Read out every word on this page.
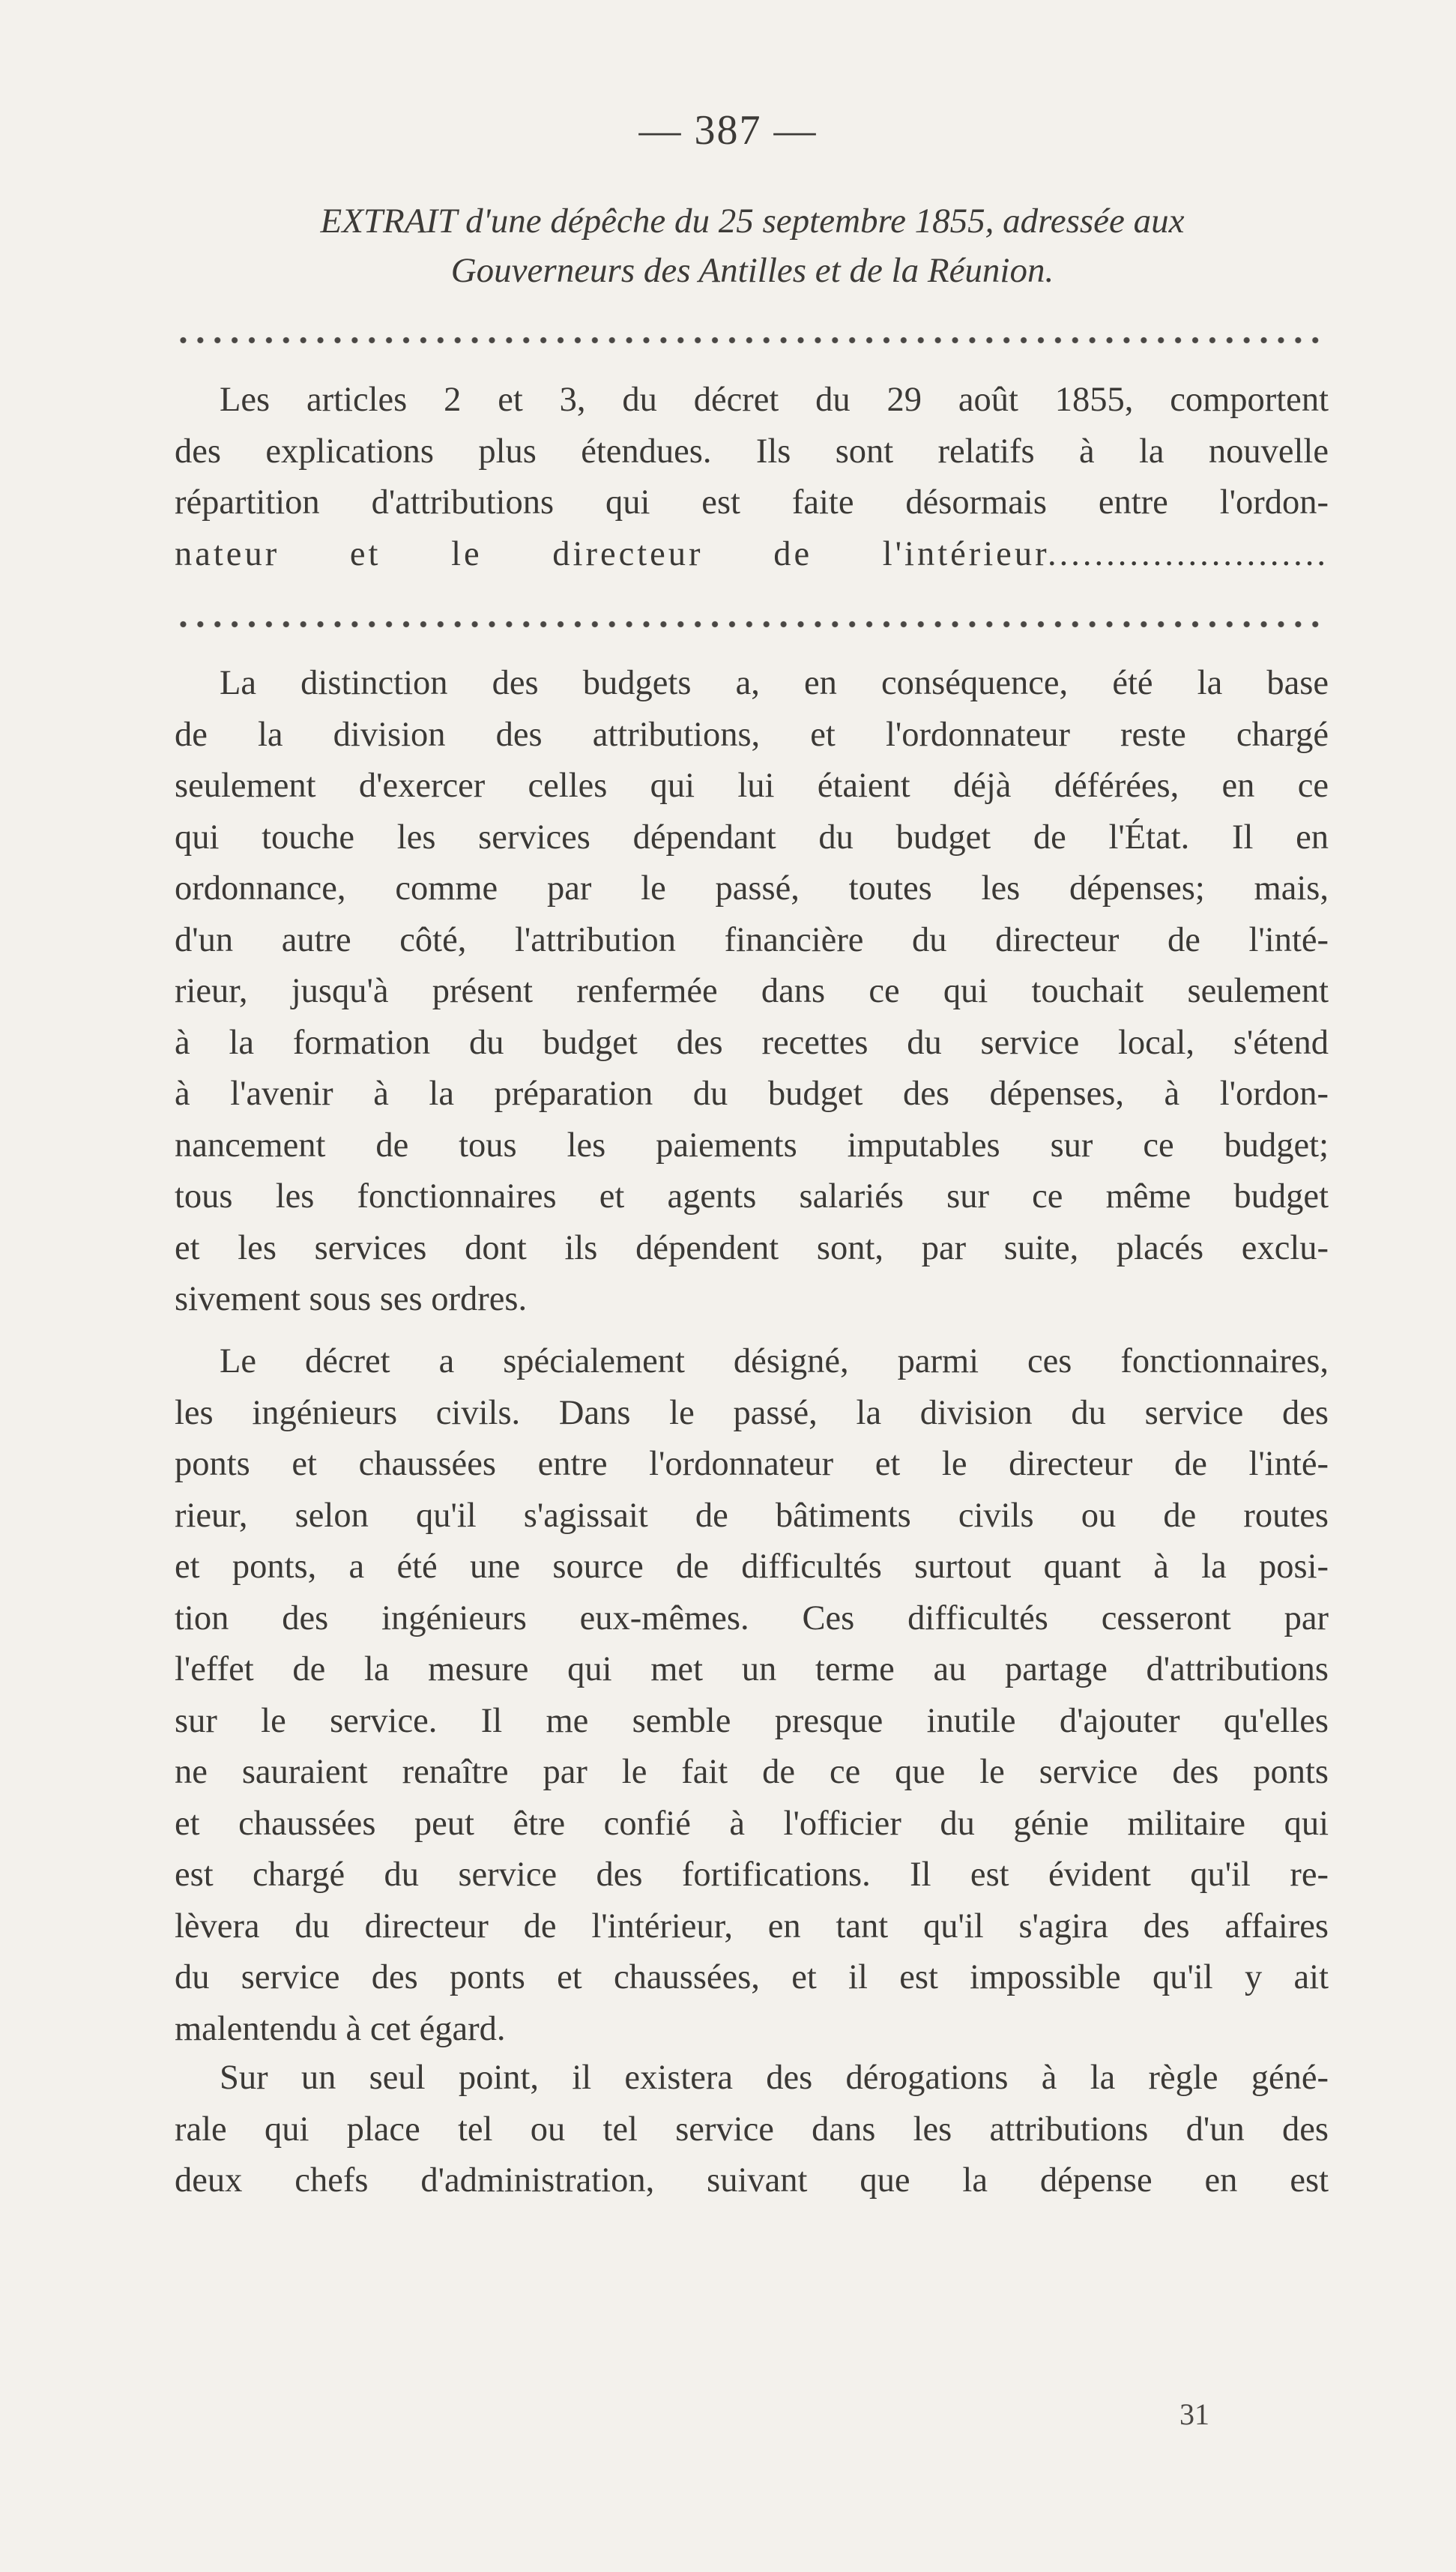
— 387 —
EXTRAIT d'une dépêche du 25 septembre 1855, adressée aux
Gouverneurs des Antilles et de la Réunion.
Les articles 2 et 3, du décret du 29 août 1855, comportent
des explications plus étendues. Ils sont relatifs à la nouvelle
répartition d'attributions qui est faite désormais entre l'ordon-
nateur et le directeur de l'intérieur........................
La distinction des budgets a, en conséquence, été la base
de la division des attributions, et l'ordonnateur reste chargé
seulement d'exercer celles qui lui étaient déjà déférées, en ce
qui touche les services dépendant du budget de l'État. Il en
ordonnance, comme par le passé, toutes les dépenses; mais,
d'un autre côté, l'attribution financière du directeur de l'inté-
rieur, jusqu'à présent renfermée dans ce qui touchait seulement
à la formation du budget des recettes du service local, s'étend
à l'avenir à la préparation du budget des dépenses, à l'ordon-
nancement de tous les paiements imputables sur ce budget;
tous les fonctionnaires et agents salariés sur ce même budget
et les services dont ils dépendent sont, par suite, placés exclu-
sivement sous ses ordres.
Le décret a spécialement désigné, parmi ces fonctionnaires,
les ingénieurs civils. Dans le passé, la division du service des
ponts et chaussées entre l'ordonnateur et le directeur de l'inté-
rieur, selon qu'il s'agissait de bâtiments civils ou de routes
et ponts, a été une source de difficultés surtout quant à la posi-
tion des ingénieurs eux-mêmes. Ces difficultés cesseront par
l'effet de la mesure qui met un terme au partage d'attributions
sur le service. Il me semble presque inutile d'ajouter qu'elles
ne sauraient renaître par le fait de ce que le service des ponts
et chaussées peut être confié à l'officier du génie militaire qui
est chargé du service des fortifications. Il est évident qu'il re-
lèvera du directeur de l'intérieur, en tant qu'il s'agira des affaires
du service des ponts et chaussées, et il est impossible qu'il y ait
malentendu à cet égard.
Sur un seul point, il existera des dérogations à la règle géné-
rale qui place tel ou tel service dans les attributions d'un des
deux chefs d'administration, suivant que la dépense en est
31
